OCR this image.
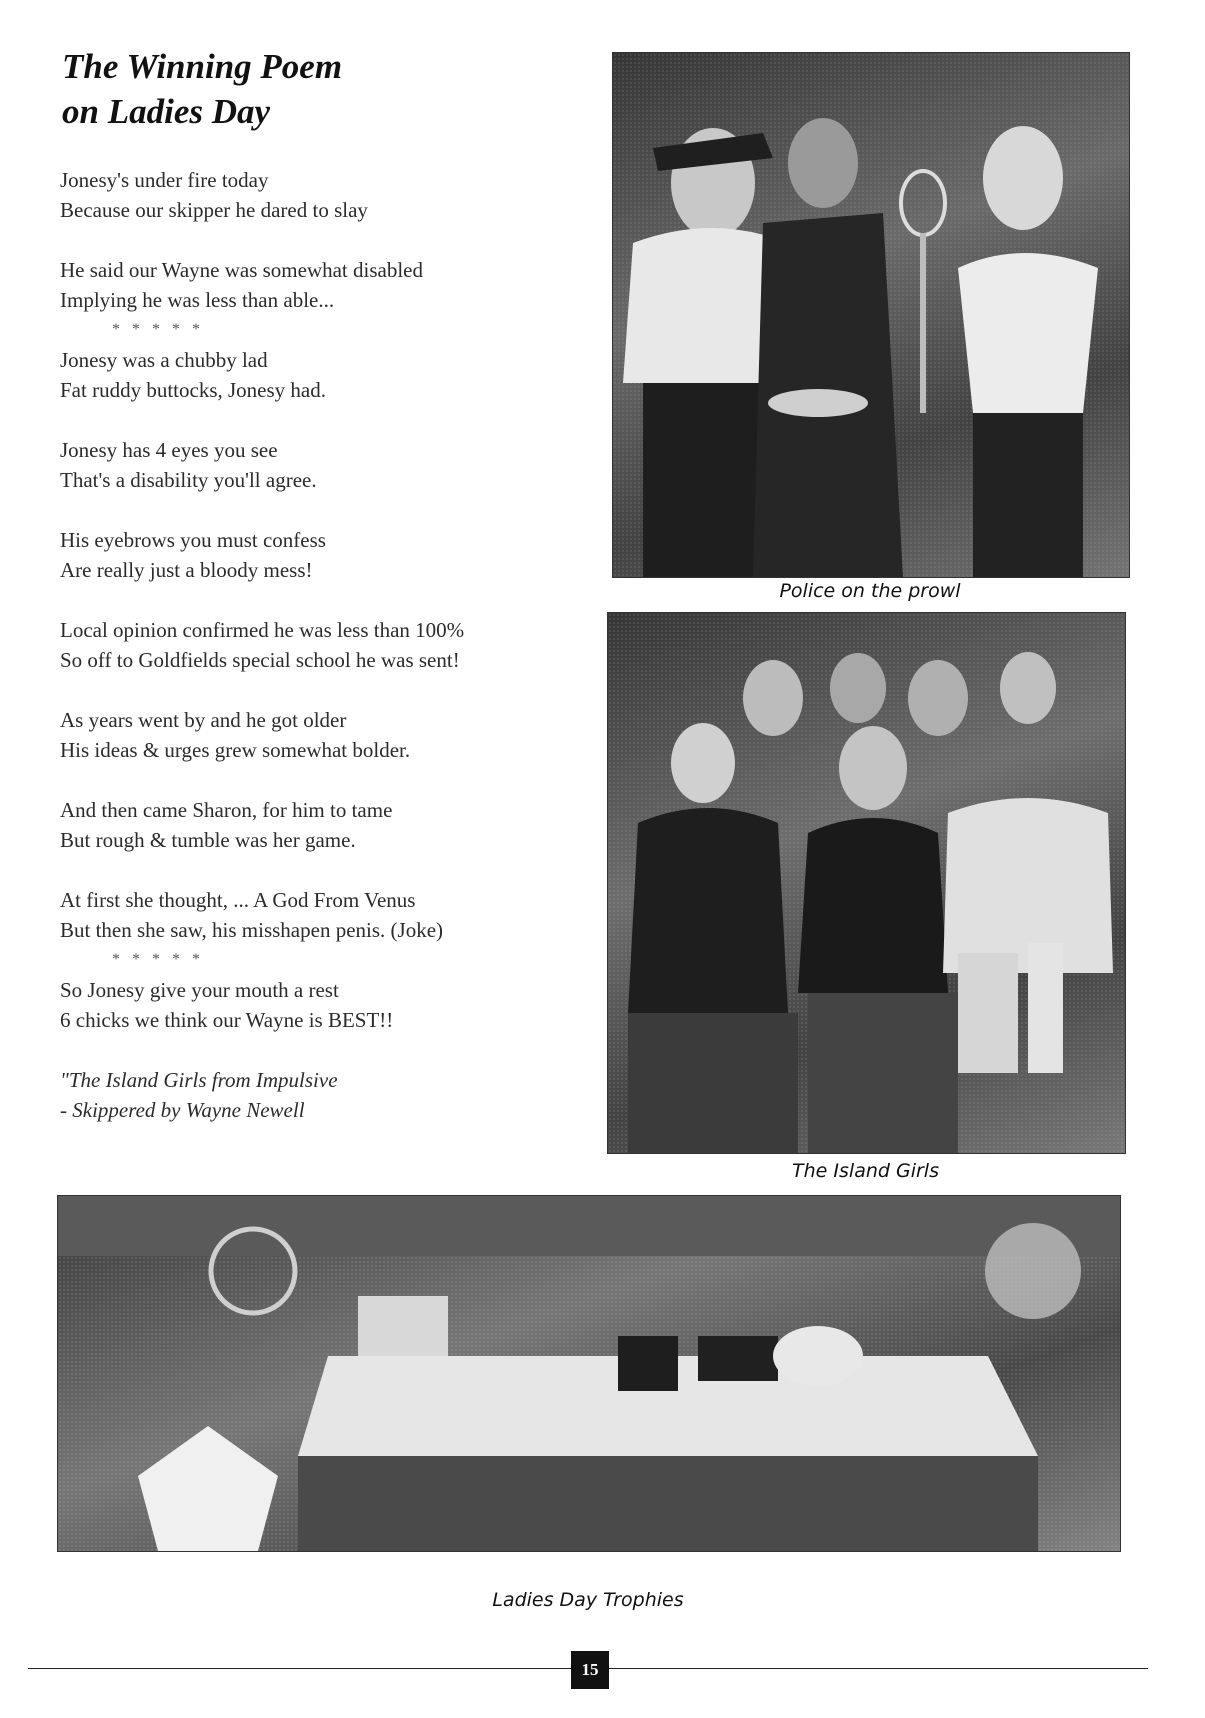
The Winning Poem
on Ladies Day
Jonesy's under fire today
Because our skipper he dared to slay
He said our Wayne was somewhat disabled
Implying he was less than able...
* * * * *
Jonesy was a chubby lad
Fat ruddy buttocks, Jonesy had.
Jonesy has 4 eyes you see
That's a disability you'll agree.
His eyebrows you must confess
Are really just a bloody mess!
Local opinion confirmed he was less than 100%
So off to Goldfields special school he was sent!
As years went by and he got older
His ideas & urges grew somewhat bolder.
And then came Sharon, for him to tame
But rough & tumble was her game.
At first she thought, ... A God From Venus
But then she saw, his misshapen penis. (Joke)
* * * * *
So Jonesy give your mouth a rest
6 chicks we think our Wayne is BEST!!
"The Island Girls from Impulsive
- Skippered by Wayne Newell
Police on the prowl
The Island Girls
Ladies Day Trophies
15
